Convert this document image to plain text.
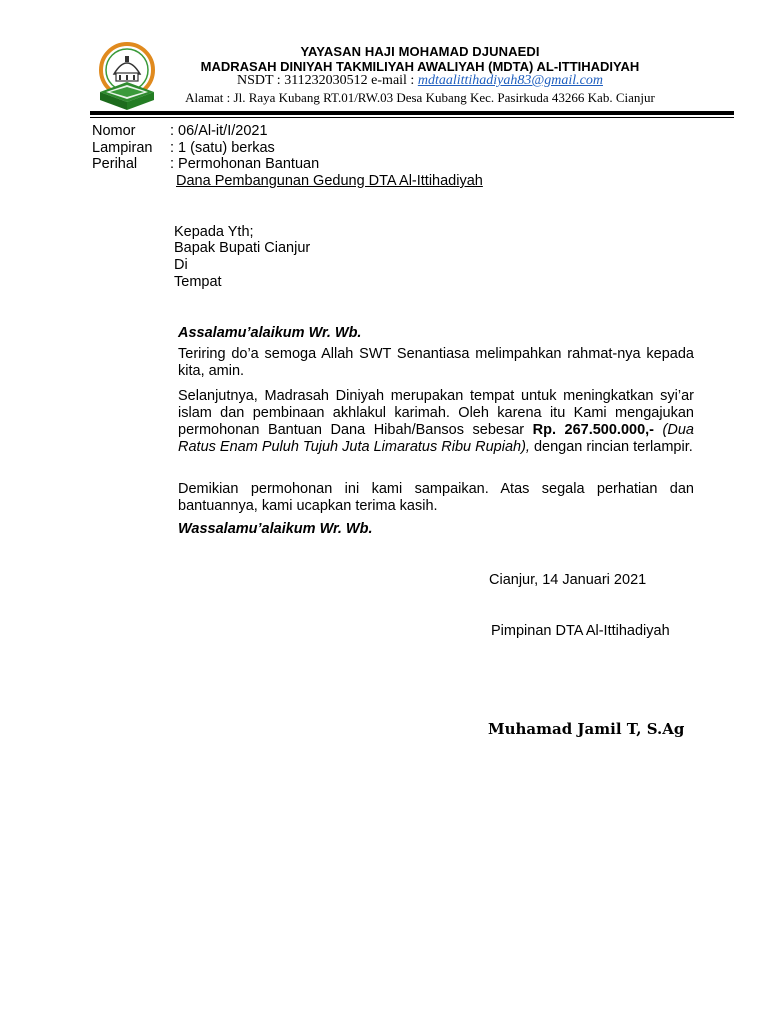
YAYASAN HAJI MOHAMAD DJUNAEDI
MADRASAH DINIYAH TAKMILIYAH AWALIYAH (MDTA) AL-ITTIHADIYAH
NSDT : 311232030512 e-mail : mdtaalittihadiyah83@gmail.com
Alamat : Jl. Raya Kubang RT.01/RW.03 Desa Kubang Kec. Pasirkuda 43266 Kab. Cianjur
Nomor : 06/Al-it/I/2021
Lampiran : 1 (satu) berkas
Perihal : Permohonan Bantuan
Dana Pembangunan Gedung DTA Al-Ittihadiyah
Kepada Yth;
Bapak Bupati Cianjur
Di
Tempat
Assalamu’alaikum Wr. Wb.
Teriring do’a semoga Allah SWT Senantiasa melimpahkan rahmat-nya kepada kita, amin.
Selanjutnya, Madrasah Diniyah merupakan tempat untuk meningkatkan syi’ar islam dan pembinaan akhlakul karimah. Oleh karena itu Kami mengajukan permohonan Bantuan Dana Hibah/Bansos sebesar Rp. 267.500.000,- (Dua Ratus Enam Puluh Tujuh Juta Limaratus Ribu Rupiah), dengan rincian terlampir.
Demikian permohonan ini kami sampaikan. Atas segala perhatian dan bantuannya, kami ucapkan terima kasih.
Wassalamu’alaikum Wr. Wb.
Cianjur, 14 Januari 2021
Pimpinan DTA Al-Ittihadiyah
Muhamad Jamil T, S.Ag
